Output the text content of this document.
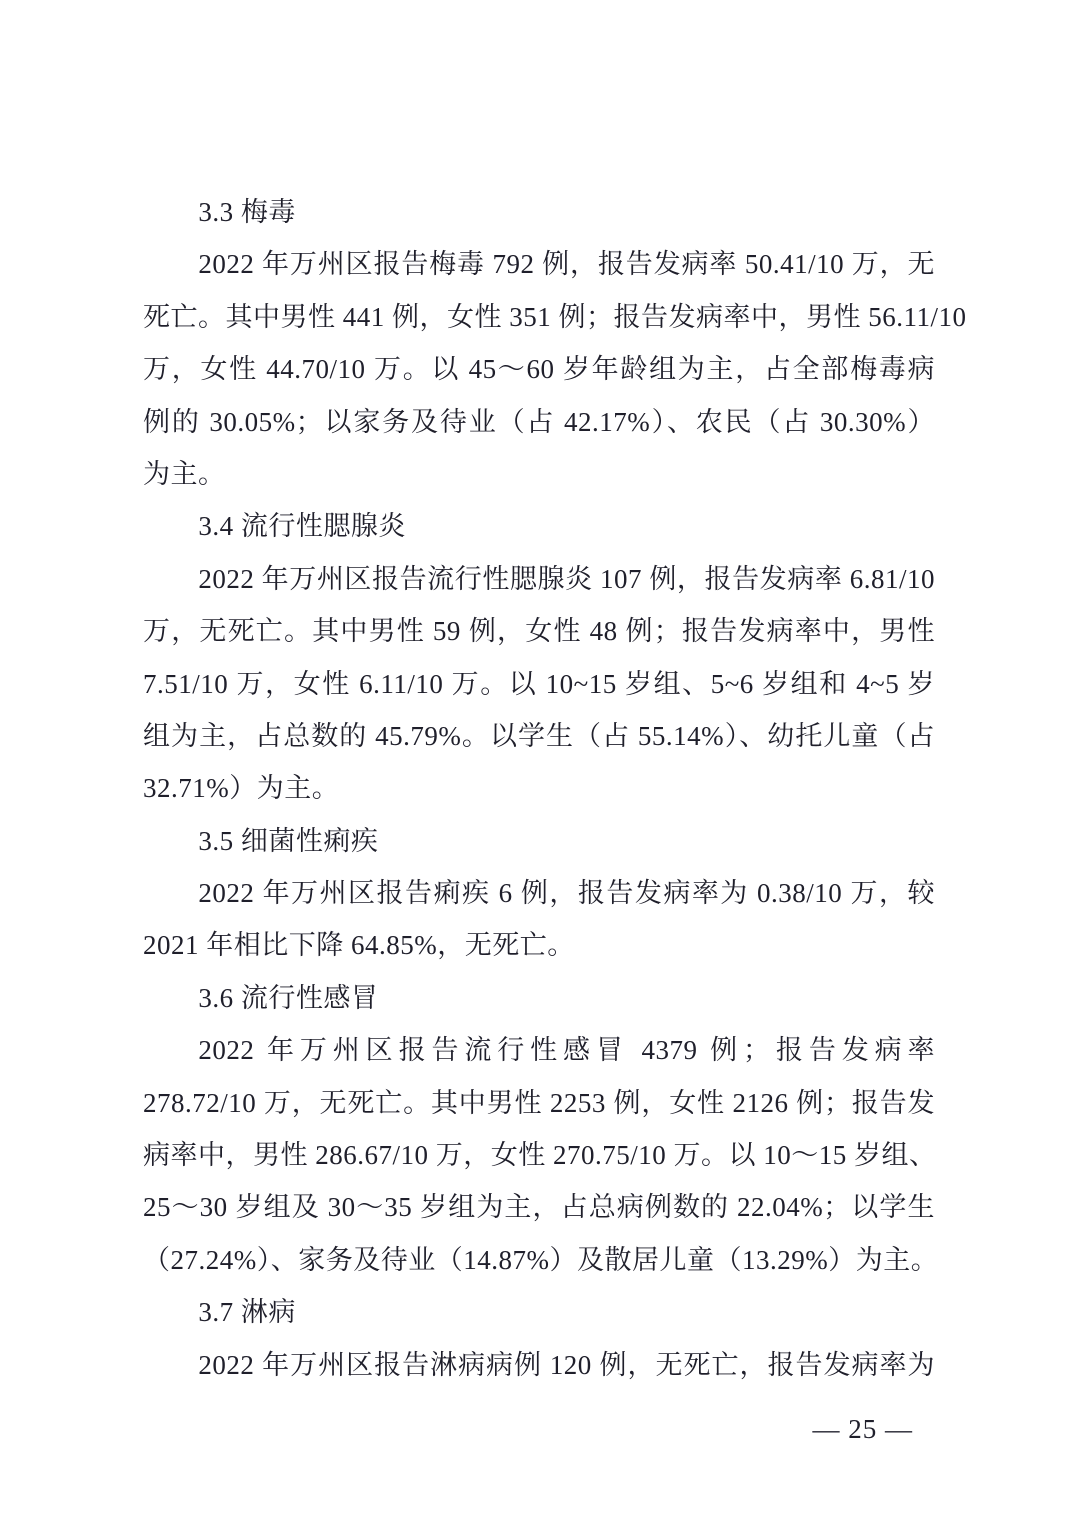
3.3 梅毒
2022 年万州区报告梅毒 792 例，报告发病率 50.41/10 万，无
死亡。其中男性 441 例，女性 351 例；报告发病率中，男性 56.11/10
万，女性 44.70/10 万。以 45～60 岁年龄组为主，占全部梅毒病
例的 30.05%；以家务及待业（占 42.17%）、农民（占 30.30%）
为主。
3.4 流行性腮腺炎
2022 年万州区报告流行性腮腺炎 107 例，报告发病率 6.81/10
万，无死亡。其中男性 59 例，女性 48 例；报告发病率中，男性
7.51/10 万，女性 6.11/10 万。以 10~15 岁组、5~6 岁组和 4~5 岁
组为主，占总数的 45.79%。以学生（占 55.14%）、幼托儿童（占
32.71%）为主。
3.5 细菌性痢疾
2022 年万州区报告痢疾 6 例，报告发病率为 0.38/10 万，较
2021 年相比下降 64.85%，无死亡。
3.6 流行性感冒
2022 年万州区报告流行性感冒 4379 例；报告发病率
278.72/10 万，无死亡。其中男性 2253 例，女性 2126 例；报告发
病率中，男性 286.67/10 万，女性 270.75/10 万。以 10～15 岁组、
25～30 岁组及 30～35 岁组为主，占总病例数的 22.04%；以学生
（27.24%）、家务及待业（14.87%）及散居儿童（13.29%）为主。
3.7 淋病
2022 年万州区报告淋病病例 120 例，无死亡，报告发病率为
— 25 —
